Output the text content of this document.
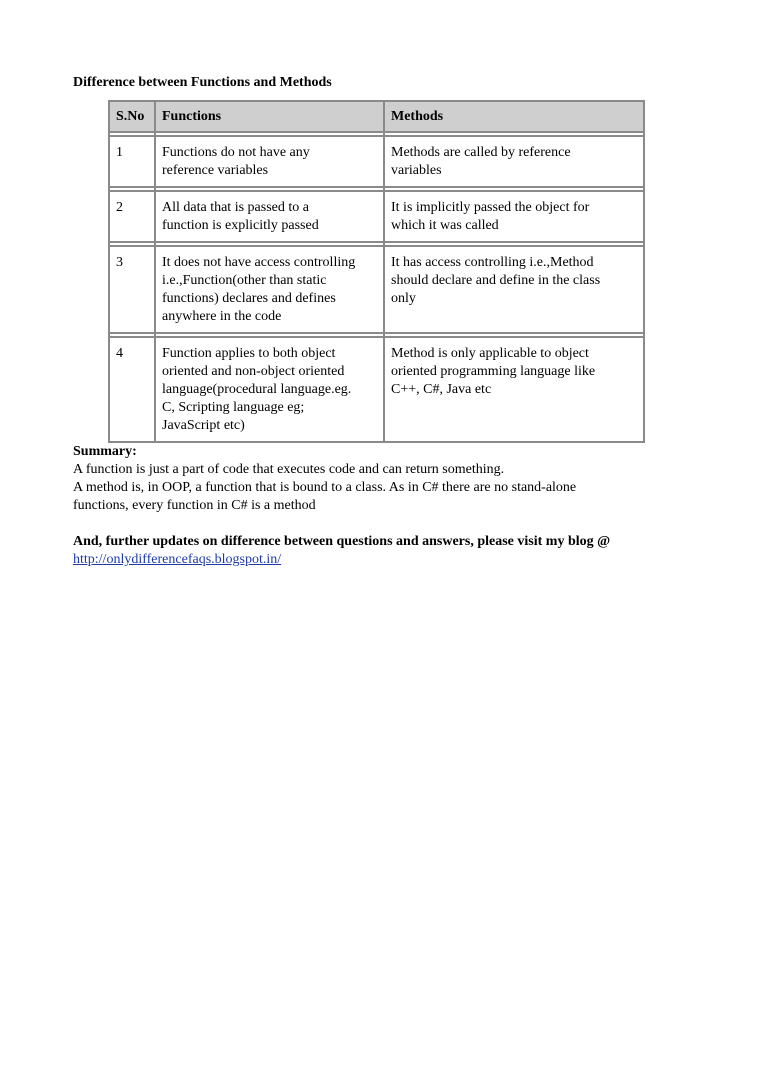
Difference between Functions and Methods
S.No	Functions	Methods

1	Functions do not have any
reference variables	Methods are called by reference
variables

2	All data that is passed to a
function is explicitly passed	It is implicitly passed the object for
which it was called

3	It does not have access controlling
i.e.,Function(other than static
functions) declares and defines
anywhere in the code	It has access controlling i.e.,Method
should declare and define in the class
only

4	Function applies to both object
oriented and non-object oriented
language(procedural language.eg.
C, Scripting language eg;
JavaScript etc)	Method is only applicable to object
oriented programming language like
C++, C#, Java etc

Summary:

A function is just a part of code that executes code and can return something.

A method is, in OOP, a function that is bound to a class. As in C# there are no stand-alone
functions, every function in C# is a method

And, further updates on difference between questions and answers, please visit my blog @
http://onlydifferencefaqs.blogspot.in/
